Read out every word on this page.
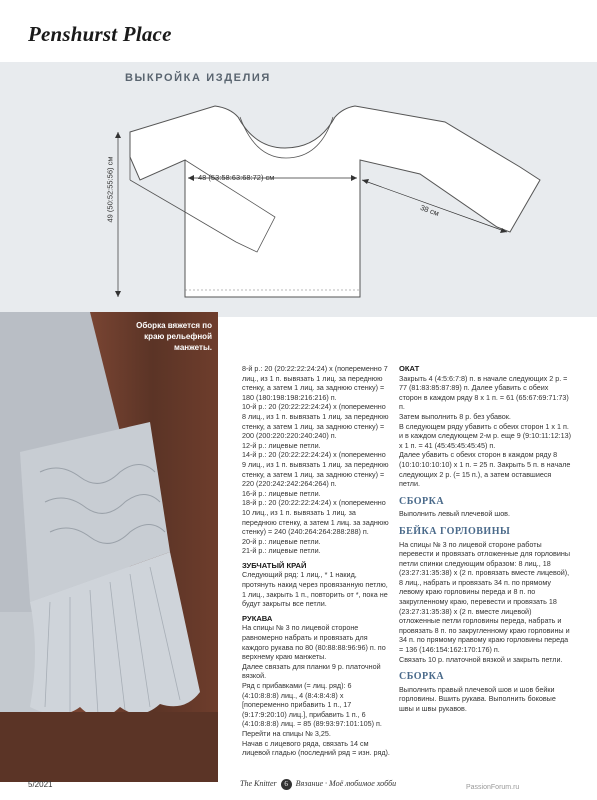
Penshurst Place
ВЫКРОЙКА ИЗДЕЛИЯ
48 (53:58:63:68:72) см
38 см
49 (50:52:55:56) см
Оборка вяжется по краю рельефной манжеты.

8-й р.: 20 (20:22:22:24:24) х (попеременно 7 лиц., из 1 п. вывязать 1 лиц. за переднюю стенку, а затем 1 лиц. за заднюю стенку) = 180 (180:198:198:216:216) п.

10-й р.: 20 (20:22:22:24:24) х (попеременно 8 лиц., из 1 п. вывязать 1 лиц. за переднюю стенку, а затем 1 лиц. за заднюю стенку) = 200 (200:220:220:240:240) п.

12-й р.: лицевые петли.

14-й р.: 20 (20:22:22:24:24) х (попеременно 9 лиц., из 1 п. вывязать 1 лиц. за переднюю стенку, а затем 1 лиц. за заднюю стенку) = 220 (220:242:242:264:264) п.

16-й р.: лицевые петли.

18-й р.: 20 (20:22:22:24:24) х (попеременно 10 лиц., из 1 п. вывязать 1 лиц. за переднюю стенку, а затем 1 лиц. за заднюю стенку) = 240 (240:264:264:288:288) п.

20-й р.: лицевые петли.

21-й р.: лицевые петли.

ЗУБЧАТЫЙ КРАЙ

Следующий ряд: 1 лиц., * 1 накид, протянуть накид через провязанную петлю, 1 лиц., закрыть 1 п., повторить от *, пока не будут закрыты все петли.

РУКАВА

На спицы № 3 по лицевой стороне равномерно набрать и провязать для каждого рукава по 80 (80:88:88:96:96) п. по верхнему краю манжеты.

Далее связать для планки 9 р. платочной вязкой.

Ряд с прибавками (= лиц. ряд): 6 (4:10:8:8:8) лиц., 4 (8:4:8:4:8) х [попеременно прибавить 1 п., 17 (9:17:9:20:10) лиц.], прибавить 1 п., 6 (4:10:8:8:8) лиц. = 85 (89:93:97:101:105) п.

Перейти на спицы № 3,25.

Начав с лицевого ряда, связать 14 см лицевой гладью (последний ряд = изн. ряд).

ОКАТ

Закрыть 4 (4:5:6:7:8) п. в начале следующих 2 р. = 77 (81:83:85:87:89) п. Далее убавить с обеих сторон в каждом ряду 8 х 1 п. = 61 (65:67:69:71:73) п.

Затем выполнить 8 р. без убавок.

В следующем ряду убавить с обеих сторон 1 х 1 п. и в каждом следующем 2-м р. еще 9 (9:10:11:12:13) х 1 п. = 41 (45:45:45:45:45) п.

Далее убавить с обеих сторон в каждом ряду 8 (10:10:10:10:10) х 1 п. = 25 п. Закрыть 5 п. в начале следующих 2 р. (= 15 п.), а затем оставшиеся петли.

СБОРКА

Выполнить левый плечевой шов.

БЕЙКА ГОРЛОВИНЫ

На спицы № 3 по лицевой стороне работы перевести и провязать отложенные для горловины петли спинки следующим образом: 8 лиц., 18 (23:27:31:35:38) х (2 п. провязать вместе лицевой), 8 лиц., набрать и провязать 34 п. по прямому левому краю горловины переда и 8 п. по закругленному краю, перевести и провязать 18 (23:27:31:35:38) х (2 п. вместе лицевой) отложенные петли горловины переда, набрать и провязать 8 п. по закругленному краю горловины и 34 п. по прямому правому краю горловины переда = 136 (146:154:162:170:176) п.

Связать 10 р. платочной вязкой и закрыть петли.

СБОРКА

Выполнить правый плечевой шов и шов бейки горловины. Вшить рукава. Выполнить боковые швы и швы рукавов.

5/2021	The Knitter 6 Вязание · Моё любимое хобби	PassionForum.ru
